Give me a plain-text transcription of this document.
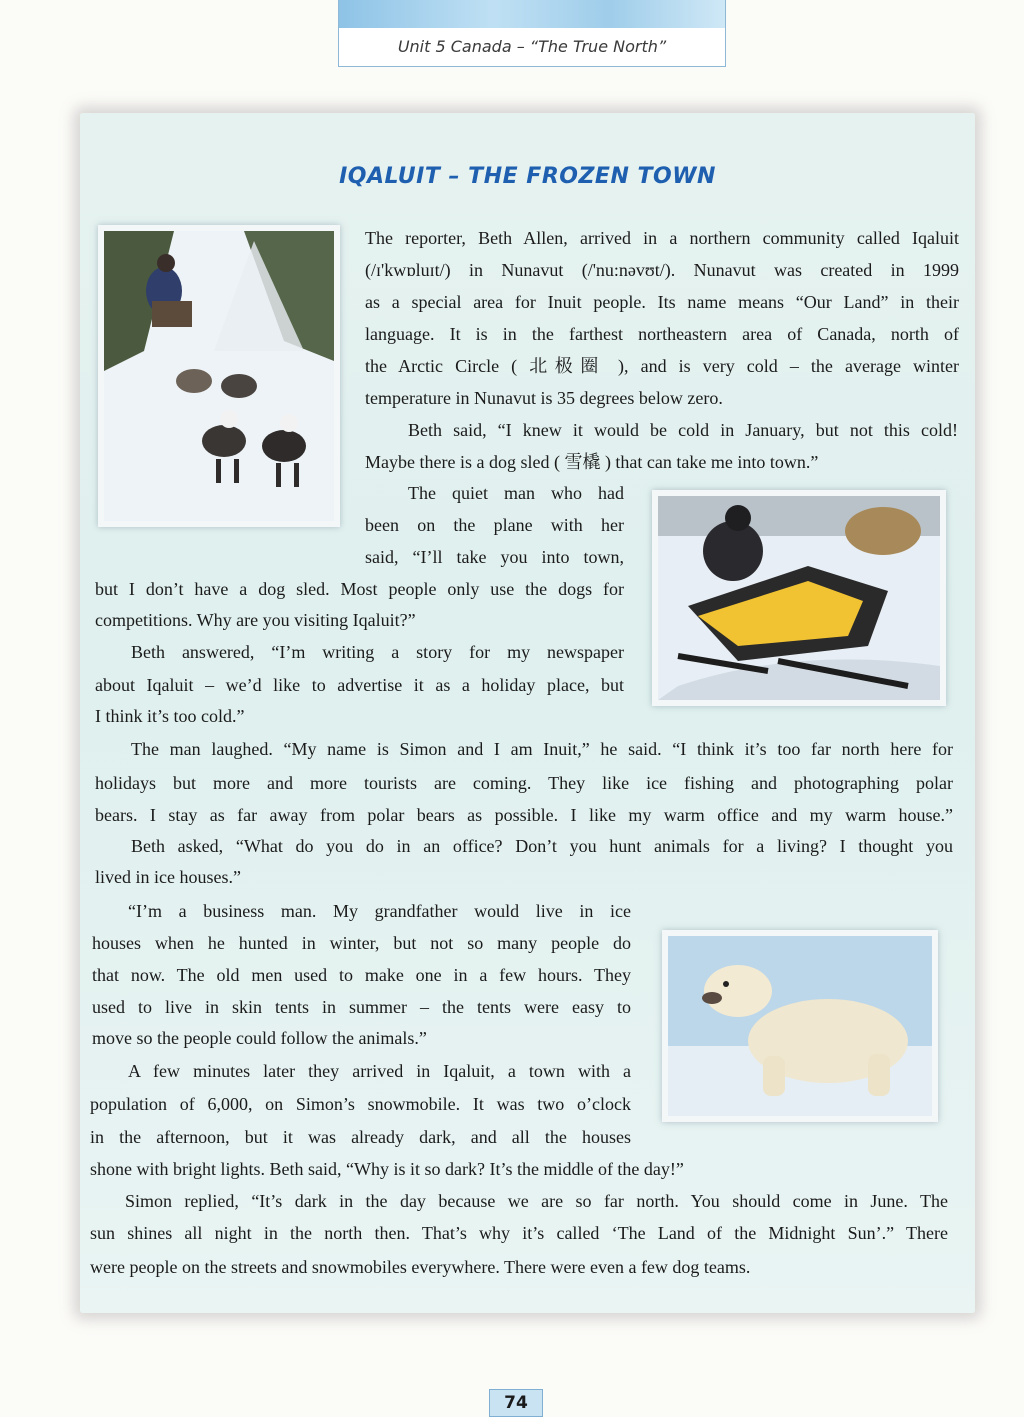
Unit 5 Canada – “The True North”
IQALUIT – THE FROZEN TOWN

The reporter, Beth Allen, arrived in a northern community called Iqaluit

(/ɪ'kwɒluɪt/) in Nunavut (/'nu:nəvʊt/). Nunavut was created in 1999

as a special area for Inuit people. Its name means “Our Land” in their

language. It is in the farthest northeastern area of Canada, north of

the Arctic Circle ( 北极圈 ), and is very cold – the average winter

temperature in Nunavut is 35 degrees below zero.

Beth said, “I knew it would be cold in January, but not this cold!

Maybe there is a dog sled ( 雪橇 ) that can take me into town.”

The quiet man who had

been on the plane with her

said, “I’ll take you into town,

but I don’t have a dog sled. Most people only use the dogs for

competitions. Why are you visiting Iqaluit?”

Beth answered, “I’m writing a story for my newspaper

about Iqaluit – we’d like to advertise it as a holiday place, but

I think it’s too cold.”

The man laughed. “My name is Simon and I am Inuit,” he said. “I think it’s too far north here for

holidays but more and more tourists are coming. They like ice fishing and photographing polar

bears. I stay as far away from polar bears as possible. I like my warm office and my warm house.”

Beth asked, “What do you do in an office? Don’t you hunt animals for a living? I thought you

lived in ice houses.”

“I’m a business man. My grandfather would live in ice

houses when he hunted in winter, but not so many people do

that now. The old men used to make one in a few hours. They

used to live in skin tents in summer – the tents were easy to

move so the people could follow the animals.”

A few minutes later they arrived in Iqaluit, a town with a

population of 6,000, on Simon’s snowmobile. It was two o’clock

in the afternoon, but it was already dark, and all the houses

shone with bright lights. Beth said, “Why is it so dark? It’s the middle of the day!”

Simon replied, “It’s dark in the day because we are so far north. You should come in June. The

sun shines all night in the north then. That’s why it’s called ‘The Land of the Midnight Sun’.” There

were people on the streets and snowmobiles everywhere. There were even a few dog teams.

74
